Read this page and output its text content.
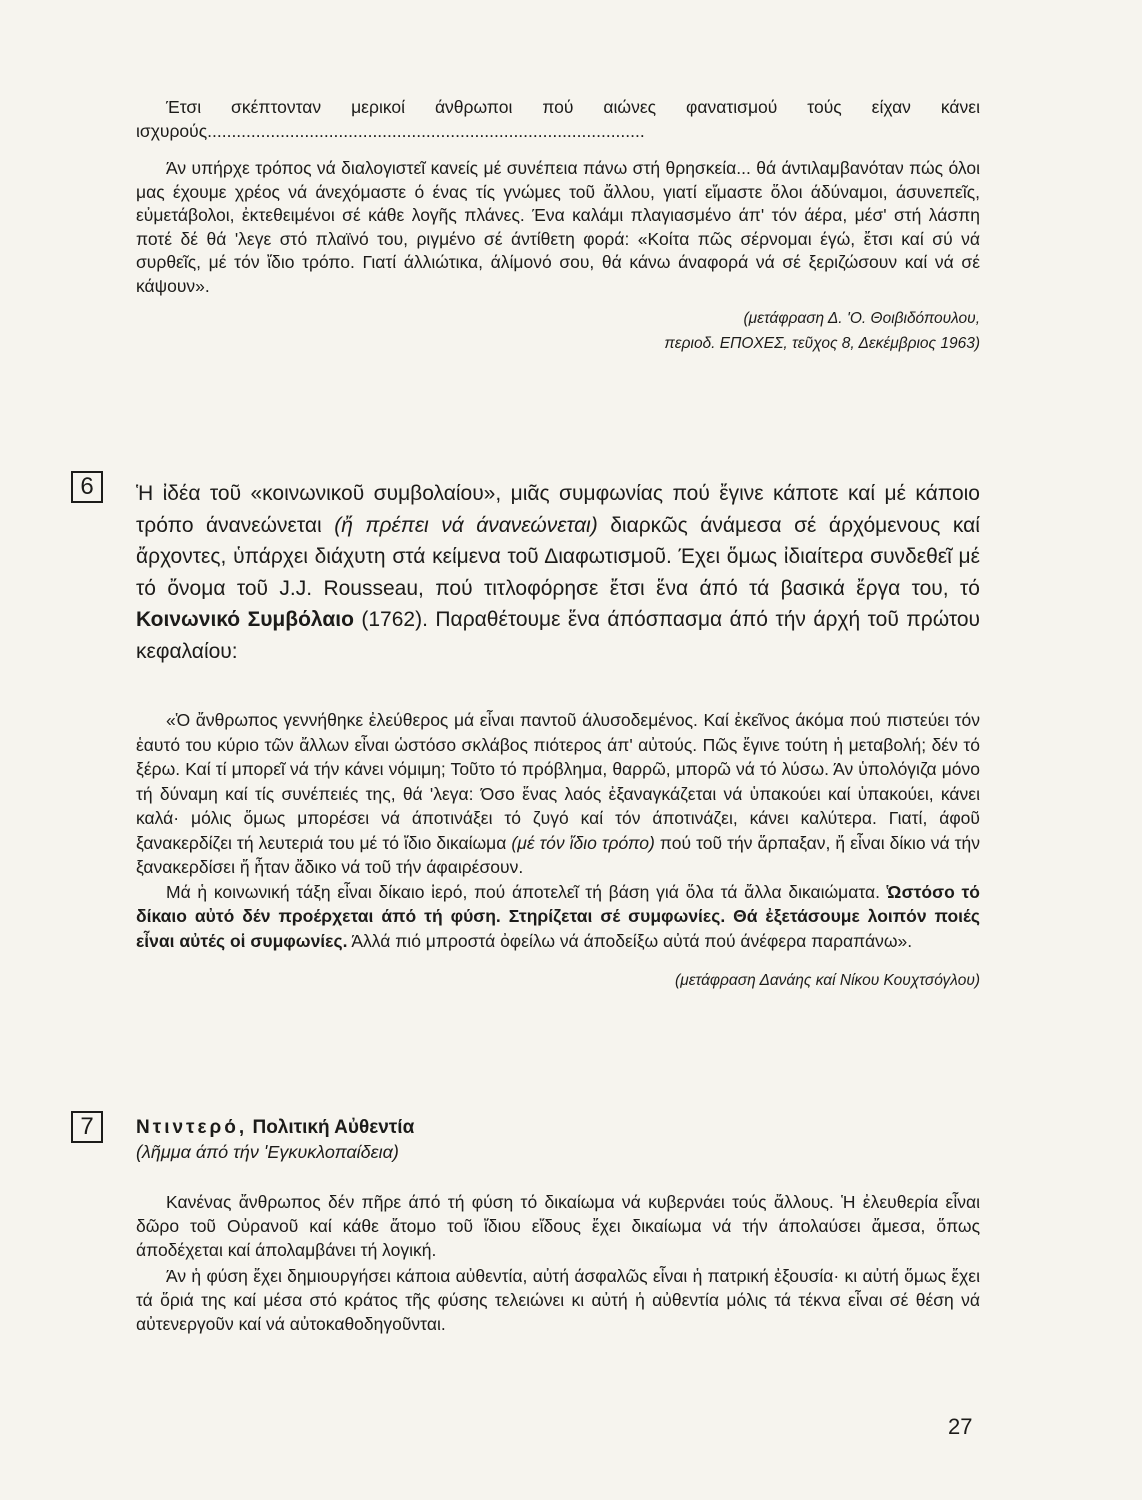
Έτσι σκέπτονταν μερικοί άνθρωποι πού αιώνες φανατισμού τούς είχαν κάνει ισχυρούς..........................................................................................

Άν υπήρχε τρόπος νά διαλογιστεῖ κανείς μέ συνέπεια πάνω στή θρησκεία... θά άντιλαμβανόταν πώς όλοι μας έχουμε χρέος νά άνεχόμαστε ό ένας τίς γνώμες τοῦ ἄλλου, γιατί εἴμαστε ὅλοι άδύναμοι, άσυνεπεῖς, εὐμετάβολοι, ἐκτεθειμένοι σέ κάθε λογῆς πλάνες. Ένα καλάμι πλαγιασμένο άπ' τόν άέρα, μέσ' στή λάσπη ποτέ δέ θά 'λεγε στό πλαϊνό του, ριγμένο σέ άντίθετη φορά: «Κοίτα πῶς σέρνομαι έγώ, ἔτσι καί σύ νά συρθεῖς, μέ τόν ἴδιο τρόπο. Γιατί άλλιώτικα, άλίμονό σου, θά κάνω άναφορά νά σέ ξεριζώσουν καί νά σέ κάψουν».

(μετάφραση Δ. 'Ο. Θοιβιδόπουλου,
περιοδ. ΕΠΟΧΕΣ, τεῦχος 8, Δεκέμβριος 1963)

6	Ἡ ἰδέα τοῦ «κοινωνικοῦ συμβολαίου», μιᾶς συμφωνίας πού ἔγινε κάποτε καί μέ κάποιο τρόπο άνανεώνεται (ἤ πρέπει νά άνανεώνεται) διαρκῶς άνάμεσα σέ άρχόμενους καί ἄρχοντες, ὑπάρχει διάχυτη στά κείμενα τοῦ Διαφωτισμοῦ. Έχει ὅμως ἰδιαίτερα συνδεθεῖ μέ τό ὄνομα τοῦ J.J. Rousseau, πού τιτλοφόρησε ἔτσι ἕνα άπό τά βασικά ἔργα του, τό Κοινωνικό Συμβόλαιο (1762). Παραθέτουμε ἕνα άπόσπασμα άπό τήν άρχή τοῦ πρώτου κεφαλαίου:

«Ὁ ἄνθρωπος γεννήθηκε ἐλεύθερος μά εἶναι παντοῦ άλυσοδεμένος. Καί ἐκεῖνος άκόμα πού πιστεύει τόν ἑαυτό του κύριο τῶν ἄλλων εἶναι ὡστόσο σκλάβος πιότερος άπ' αὐτούς. Πῶς ἔγινε τούτη ἡ μεταβολή; δέν τό ξέρω. Καί τί μπορεῖ νά τήν κάνει νόμιμη; Τοῦτο τό πρόβλημα, θαρρῶ, μπορῶ νά τό λύσω. Άν ὑπολόγιζα μόνο τή δύναμη καί τίς συνέπειές της, θά 'λεγα: Όσο ἕνας λαός ἐξαναγκάζεται νά ὑπακούει καί ὑπακούει, κάνει καλά· μόλις ὅμως μπορέσει νά άποτινάξει τό ζυγό καί τόν άποτινάζει, κάνει καλύτερα. Γιατί, άφοῦ ξανακερδίζει τή λευτεριά του μέ τό ἴδιο δικαίωμα (μέ τόν ἴδιο τρόπο) πού τοῦ τήν ἅρπαξαν, ἤ εἶναι δίκιο νά τήν ξανακερδίσει ἤ ἦταν ἄδικο νά τοῦ τήν άφαιρέσουν.

Μά ἡ κοινωνική τάξη εἶναι δίκαιο ἱερό, πού άποτελεῖ τή βάση γιά ὅλα τά ἄλλα δικαιώματα. Ὡστόσο τό δίκαιο αὐτό δέν προέρχεται άπό τή φύση. Στηρίζεται σέ συμφωνίες. Θά ἐξετάσουμε λοιπόν ποιές εἶναι αὐτές οἱ συμφωνίες. Άλλά πιό μπροστά ὀφείλω νά άποδείξω αὐτά πού άνέφερα παραπάνω».

(μετάφραση Δανάης καί Νίκου Κουχτσόγλου)

7	Ντιντερό, Πολιτική Αὐθεντία
(λῆμμα άπό τήν 'Εγκυκλοπαίδεια)

Κανένας ἄνθρωπος δέν πῆρε άπό τή φύση τό δικαίωμα νά κυβερνάει τούς ἄλλους. Ἡ ἐλευθερία εἶναι δῶρο τοῦ Οὐρανοῦ καί κάθε ἄτομο τοῦ ἴδιου εἴδους ἔχει δικαίωμα νά τήν άπολαύσει ἄμεσα, ὅπως άποδέχεται καί άπολαμβάνει τή λογική.

Άν ἡ φύση ἔχει δημιουργήσει κάποια αὐθεντία, αὐτή άσφαλῶς εἶναι ἡ πατρική ἐξουσία· κι αὐτή ὅμως ἔχει τά ὅριά της καί μέσα στό κράτος τῆς φύσης τελειώνει κι αὐτή ἡ αὐθεντία μόλις τά τέκνα εἶναι σέ θέση νά αὐτενεργοῦν καί νά αὐτοκαθοδηγοῦνται.

27
